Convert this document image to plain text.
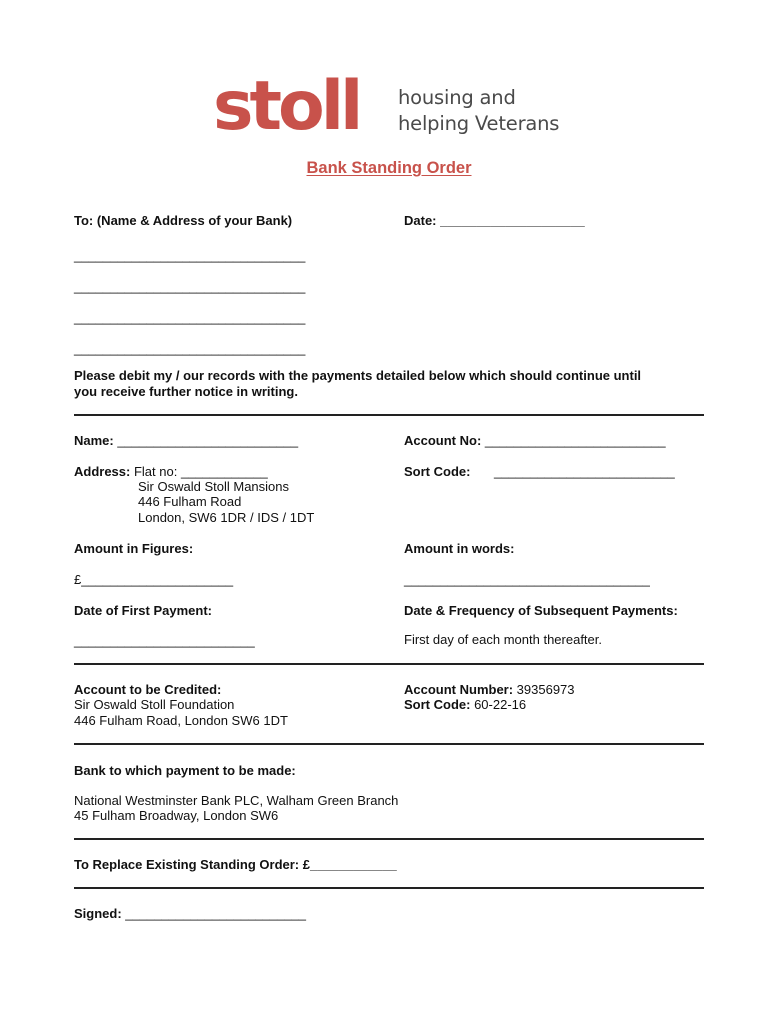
stoll housing and
helping Veterans
Bank Standing Order
To: (Name & Address of your Bank)	Date: ____________________
________________________________
________________________________
________________________________
________________________________
Please debit my / our records with the payments detailed below which should continue until
you receive further notice in writing.
Name: _________________________	Account No: _________________________
Address: Flat no: ____________
Sir Oswald Stoll Mansions
446 Fulham Road
London, SW6 1DR / IDS / 1DT
Sort Code: _________________________
Amount in Figures:	Amount in words:
£_____________________	__________________________________
Date of First Payment:	Date & Frequency of Subsequent Payments:
_________________________	First day of each month thereafter.
Account to be Credited:
Sir Oswald Stoll Foundation
446 Fulham Road, London SW6 1DT
Account Number: 39356973
Sort Code: 60-22-16
Bank to which payment to be made:
National Westminster Bank PLC, Walham Green Branch
45 Fulham Broadway, London SW6
To Replace Existing Standing Order: £____________
Signed: _________________________
